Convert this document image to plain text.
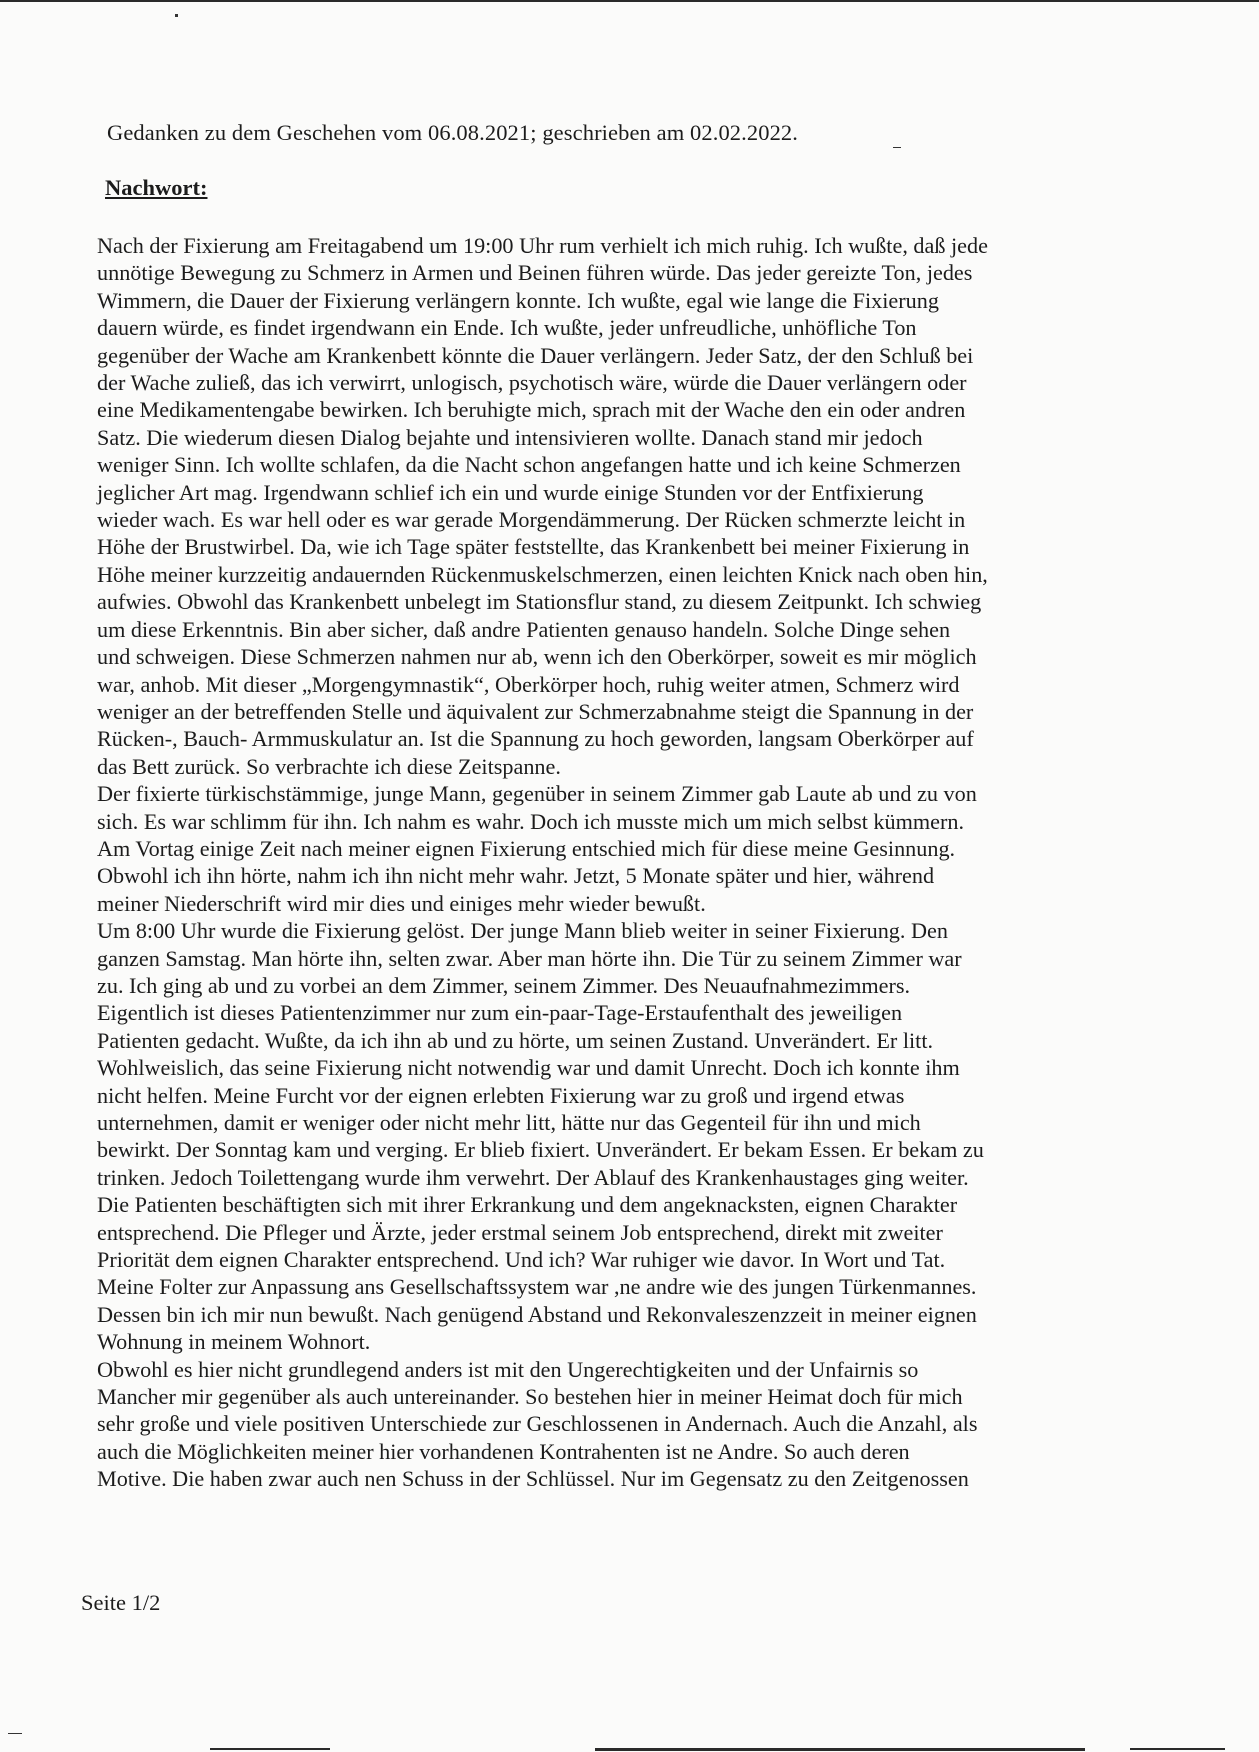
Gedanken zu dem Geschehen vom 06.08.2021; geschrieben am 02.02.2022.
Nachwort:
Nach der Fixierung am Freitagabend um 19:00 Uhr rum verhielt ich mich ruhig. Ich wußte, daß jede
unnötige Bewegung zu Schmerz in Armen und Beinen führen würde. Das jeder gereizte Ton, jedes
Wimmern, die Dauer der Fixierung verlängern konnte. Ich wußte, egal wie lange die Fixierung
dauern würde, es findet irgendwann ein Ende. Ich wußte, jeder unfreudliche, unhöfliche Ton
gegenüber der Wache am Krankenbett könnte die Dauer verlängern. Jeder Satz, der den Schluß bei
der Wache zuließ, das ich verwirrt, unlogisch, psychotisch wäre, würde die Dauer verlängern oder
eine Medikamentengabe bewirken. Ich beruhigte mich, sprach mit der Wache den ein oder andren
Satz. Die wiederum diesen Dialog bejahte und intensivieren wollte. Danach stand mir jedoch
weniger Sinn. Ich wollte schlafen, da die Nacht schon angefangen hatte und ich keine Schmerzen
jeglicher Art mag. Irgendwann schlief ich ein und wurde einige Stunden vor der Entfixierung
wieder wach. Es war hell oder es war gerade Morgendämmerung. Der Rücken schmerzte leicht in
Höhe der Brustwirbel. Da, wie ich Tage später feststellte, das Krankenbett bei meiner Fixierung in
Höhe meiner kurzzeitig andauernden Rückenmuskelschmerzen, einen leichten Knick nach oben hin,
aufwies. Obwohl das Krankenbett unbelegt im Stationsflur stand, zu diesem Zeitpunkt. Ich schwieg
um diese Erkenntnis. Bin aber sicher, daß andre Patienten genauso handeln. Solche Dinge sehen
und schweigen. Diese Schmerzen nahmen nur ab, wenn ich den Oberkörper, soweit es mir möglich
war, anhob. Mit dieser „Morgengymnastik“, Oberkörper hoch, ruhig weiter atmen, Schmerz wird
weniger an der betreffenden Stelle und äquivalent zur Schmerzabnahme steigt die Spannung in der
Rücken-, Bauch- Armmuskulatur an. Ist die Spannung zu hoch geworden, langsam Oberkörper auf
das Bett zurück. So verbrachte ich diese Zeitspanne.
Der fixierte türkischstämmige, junge Mann, gegenüber in seinem Zimmer gab Laute ab und zu von
sich. Es war schlimm für ihn. Ich nahm es wahr. Doch ich musste mich um mich selbst kümmern.
Am Vortag einige Zeit nach meiner eignen Fixierung entschied mich für diese meine Gesinnung.
Obwohl ich ihn hörte, nahm ich ihn nicht mehr wahr. Jetzt, 5 Monate später und hier, während
meiner Niederschrift wird mir dies und einiges mehr wieder bewußt.
Um 8:00 Uhr wurde die Fixierung gelöst. Der junge Mann blieb weiter in seiner Fixierung. Den
ganzen Samstag. Man hörte ihn, selten zwar. Aber man hörte ihn. Die Tür zu seinem Zimmer war
zu. Ich ging ab und zu vorbei an dem Zimmer, seinem Zimmer. Des Neuaufnahmezimmers.
Eigentlich ist dieses Patientenzimmer nur zum ein-paar-Tage-Erstaufenthalt des jeweiligen
Patienten gedacht. Wußte, da ich ihn ab und zu hörte, um seinen Zustand. Unverändert. Er litt.
Wohlweislich, das seine Fixierung nicht notwendig war und damit Unrecht. Doch ich konnte ihm
nicht helfen. Meine Furcht vor der eignen erlebten Fixierung war zu groß und irgend etwas
unternehmen, damit er weniger oder nicht mehr litt, hätte nur das Gegenteil für ihn und mich
bewirkt. Der Sonntag kam und verging. Er blieb fixiert. Unverändert. Er bekam Essen. Er bekam zu
trinken. Jedoch Toilettengang wurde ihm verwehrt. Der Ablauf des Krankenhaustages ging weiter.
Die Patienten beschäftigten sich mit ihrer Erkrankung und dem angeknacksten, eignen Charakter
entsprechend. Die Pfleger und Ärzte, jeder erstmal seinem Job entsprechend, direkt mit zweiter
Priorität dem eignen Charakter entsprechend. Und ich? War ruhiger wie davor. In Wort und Tat.
Meine Folter zur Anpassung ans Gesellschaftssystem war ,ne andre wie des jungen Türkenmannes.
Dessen bin ich mir nun bewußt. Nach genügend Abstand und Rekonvaleszenzzeit in meiner eignen
Wohnung in meinem Wohnort.
Obwohl es hier nicht grundlegend anders ist mit den Ungerechtigkeiten und der Unfairnis so
Mancher mir gegenüber als auch untereinander. So bestehen hier in meiner Heimat doch für mich
sehr große und viele positiven Unterschiede zur Geschlossenen in Andernach. Auch die Anzahl, als
auch die Möglichkeiten meiner hier vorhandenen Kontrahenten ist ne Andre. So auch deren
Motive. Die haben zwar auch nen Schuss in der Schlüssel. Nur im Gegensatz zu den Zeitgenossen
Seite 1/2
